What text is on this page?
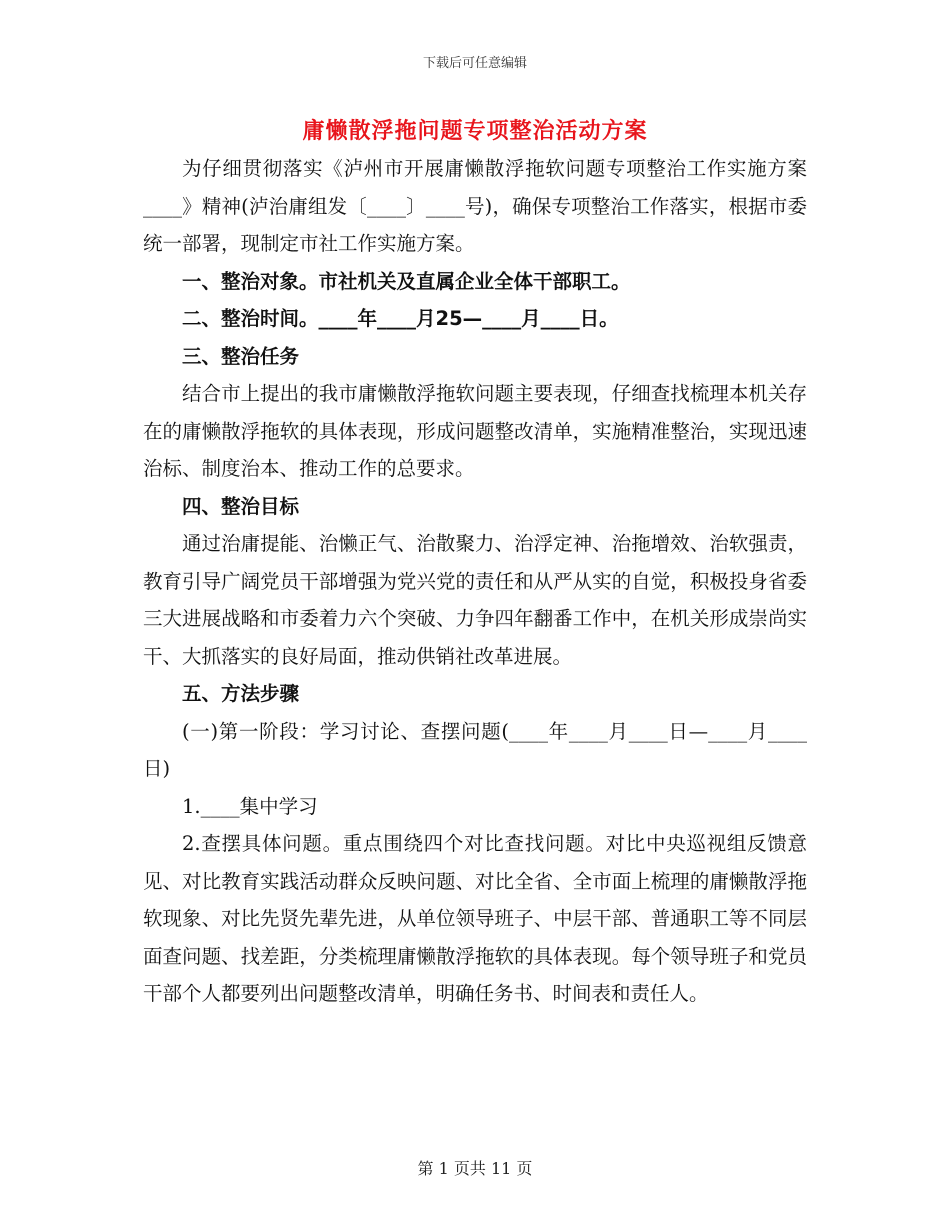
下载后可任意编辑
庸懒散浮拖问题专项整治活动方案

为仔细贯彻落实《泸州市开展庸懒散浮拖软问题专项整治工作实施方案____》精神(泸治庸组发〔____〕____号)，确保专项整治工作落实，根据市委统一部署，现制定市社工作实施方案。

一、整治对象。市社机关及直属企业全体干部职工。

二、整治时间。____年____月25—____月____日。

三、整治任务

结合市上提出的我市庸懒散浮拖软问题主要表现，仔细查找梳理本机关存在的庸懒散浮拖软的具体表现，形成问题整改清单，实施精准整治，实现迅速治标、制度治本、推动工作的总要求。

四、整治目标

通过治庸提能、治懒正气、治散聚力、治浮定神、治拖增效、治软强责，教育引导广阔党员干部增强为党兴党的责任和从严从实的自觉，积极投身省委三大进展战略和市委着力六个突破、力争四年翻番工作中，在机关形成崇尚实干、大抓落实的良好局面，推动供销社改革进展。

五、方法步骤

(一)第一阶段：学习讨论、查摆问题(____年____月____日—____月____日)

1.____集中学习

2.查摆具体问题。重点围绕四个对比查找问题。对比中央巡视组反馈意见、对比教育实践活动群众反映问题、对比全省、全市面上梳理的庸懒散浮拖软现象、对比先贤先辈先进，从单位领导班子、中层干部、普通职工等不同层面查问题、找差距，分类梳理庸懒散浮拖软的具体表现。每个领导班子和党员干部个人都要列出问题整改清单，明确任务书、时间表和责任人。

第 1 页共 11 页
